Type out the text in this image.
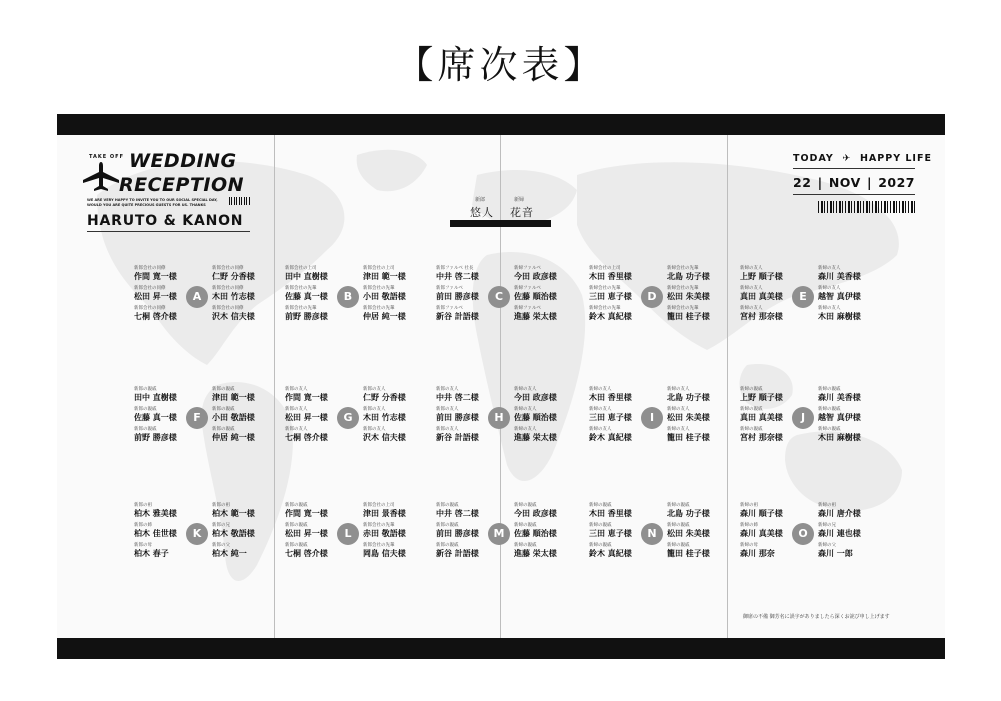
【席次表】
TAKE OFF WEDDING
RECEPTION
WE ARE VERY HAPPY TO INVITE YOU TO OUR SOCIAL SPECIAL DAY, WOULD YOU ARE QUITE PRECIOUS GUESTS FOR US. THANKS
HARUTO & KANON
TODAY  ✈  HAPPY LIFE
22 | NOV | 2027
新郎
悠人
新婦
花音
A
新郎会社の同僚
作間 寛一様
新郎会社の同僚
松田 昇一様
新郎会社の同僚
七桐 啓介様
新郎会社の同僚
仁野 分香様
新郎会社の同僚
木田 竹志様
新郎会社の同僚
沢木 信夫様
B
新郎会社の上司
田中 直樹様
新郎会社の先輩
佐藤 真一様
新郎会社の先輩
前野 勝彦様
新郎会社の上司
津田 範一様
新郎会社の先輩
小田 敬語様
新郎会社の先輩
仲居 純一様
C
新郎ファルベ 社長
中井 啓二様
新郎ファルベ
前田 勝彦様
新郎ファルベ
新谷 計語様
新婦ファルベ
今田 政彦様
新婦ファルベ
佐藤 順治様
新婦ファルベ
進藤 栄太様
D
新婦会社の上司
木田 香里様
新婦会社の先輩
三田 恵子様
新婦会社の先輩
鈴木 真紀様
新婦会社の先輩
北島 功子様
新婦会社の先輩
松田 朱美様
新婦会社の先輩
籠田 桂子様
E
新婦の友人
上野 順子様
新婦の友人
真田 真美様
新婦の友人
宮村 那奈様
新婦の友人
森川 美香様
新婦の友人
越智 真伊様
新婦の友人
木田 麻樹様
F
新郎の親戚
田中 直樹様
新郎の親戚
佐藤 真一様
新郎の親戚
前野 勝彦様
新郎の親戚
津田 範一様
新郎の親戚
小田 敬語様
新郎の親戚
仲居 純一様
G
新郎の友人
作間 寛一様
新郎の友人
松田 昇一様
新郎の友人
七桐 啓介様
新郎の友人
仁野 分香様
新郎の友人
木田 竹志様
新郎の友人
沢木 信夫様
H
新郎の友人
中井 啓二様
新郎の友人
前田 勝彦様
新郎の友人
新谷 計語様
新婦の友人
今田 政彦様
新婦の友人
佐藤 順治様
新婦の友人
進藤 栄太様
I
新婦の友人
木田 香里様
新婦の友人
三田 恵子様
新婦の友人
鈴木 真紀様
新婦の友人
北島 功子様
新婦の友人
松田 朱美様
新婦の友人
籠田 桂子様
J
新婦の親戚
上野 順子様
新婦の親戚
真田 真美様
新婦の親戚
宮村 那奈様
新婦の親戚
森川 美香様
新婦の親戚
越智 真伊様
新婦の親戚
木田 麻樹様
K
新郎の祖
柏木 雅美様
新郎の姉
柏木 佳世様
新郎の母
柏木 春子
新郎の祖
柏木 範一様
新郎の兄
柏木 敬語様
新郎の父
柏木 純一
L
新郎の親戚
作間 寛一様
新郎の親戚
松田 昇一様
新郎の親戚
七桐 啓介様
新郎会社の上司
津田 景香様
新郎会社の先輩
赤田 敬語様
新郎会社の先輩
岡島 信夫様
M
新郎の親戚
中井 啓二様
新郎の親戚
前田 勝彦様
新郎の親戚
新谷 計語様
新婦の親戚
今田 政彦様
新婦の親戚
佐藤 順治様
新婦の親戚
進藤 栄太様
N
新婦の親戚
木田 香里様
新婦の親戚
三田 恵子様
新婦の親戚
鈴木 真紀様
新婦の親戚
北島 功子様
新婦の親戚
松田 朱美様
新婦の親戚
籠田 桂子様
O
新婦の祖
森川 順子様
新婦の姉
森川 真美様
新婦の母
森川 那奈
新婦の祖
森川 唐介様
新婦の兄
森川 連也様
新婦の父
森川 一郎
御席の不備 御芳名に誤字がありましたら深くお詫び申し上げます
